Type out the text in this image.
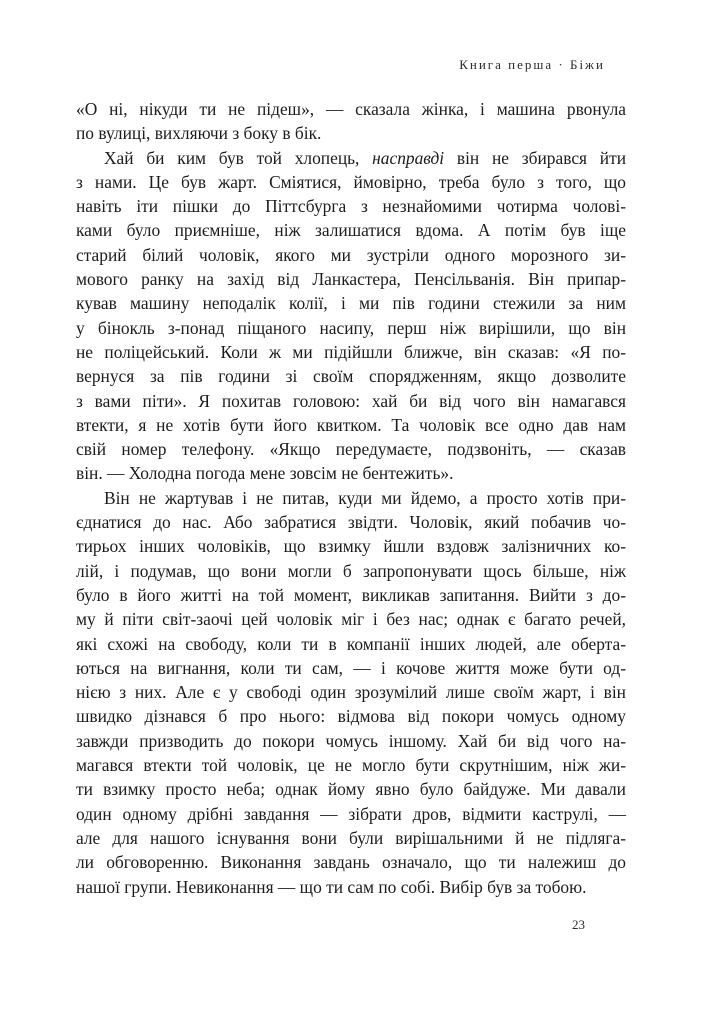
Книга перша · Біжи

«О ні, нікуди ти не підеш», — сказала жінка, і машина рвонула

по вулиці, вихляючи з боку в бік.

Хай би ким був той хлопець, насправді він не збирався йти

з нами. Це був жарт. Сміятися, ймовірно, треба було з того, що

навіть іти пішки до Піттсбурга з незнайомими чотирма чолові-

ками було приємніше, ніж залишатися вдома. А потім був іще

старий білий чоловік, якого ми зустріли одного морозного зи-

мового ранку на захід від Ланкастера, Пенсільванія. Він припар-

кував машину неподалік колії, і ми пів години стежили за ним

у бінокль з-понад піщаного насипу, перш ніж вирішили, що він

не поліцейський. Коли ж ми підійшли ближче, він сказав: «Я по-

вернуся за пів години зі своїм спорядженням, якщо дозволите

з вами піти». Я похитав головою: хай би від чого він намагався

втекти, я не хотів бути його квитком. Та чоловік все одно дав нам

свій номер телефону. «Якщо передумаєте, подзвоніть, — сказав

він. — Холодна погода мене зовсім не бентежить».

Він не жартував і не питав, куди ми йдемо, а просто хотів при-

єднатися до нас. Або забратися звідти. Чоловік, який побачив чо-

тирьох інших чоловіків, що взимку йшли вздовж залізничних ко-

лій, і подумав, що вони могли б запропонувати щось більше, ніж

було в його житті на той момент, викликав запитання. Вийти з до-

му й піти світ-заочі цей чоловік міг і без нас; однак є багато речей,

які схожі на свободу, коли ти в компанії інших людей, але оберта-

ються на вигнання, коли ти сам, — і кочове життя може бути од-

нією з них. Але є у свободі один зрозумілий лише своїм жарт, і він

швидко дізнався б про нього: відмова від покори чомусь одному

завжди призводить до покори чомусь іншому. Хай би від чого на-

магався втекти той чоловік, це не могло бути скрутнішим, ніж жи-

ти взимку просто неба; однак йому явно було байдуже. Ми давали

один одному дрібні завдання — зібрати дров, відмити каструлі, —

але для нашого існування вони були вирішальними й не підляга-

ли обговоренню. Виконання завдань означало, що ти належиш до

нашої групи. Невиконання — що ти сам по собі. Вибір був за тобою.

23
